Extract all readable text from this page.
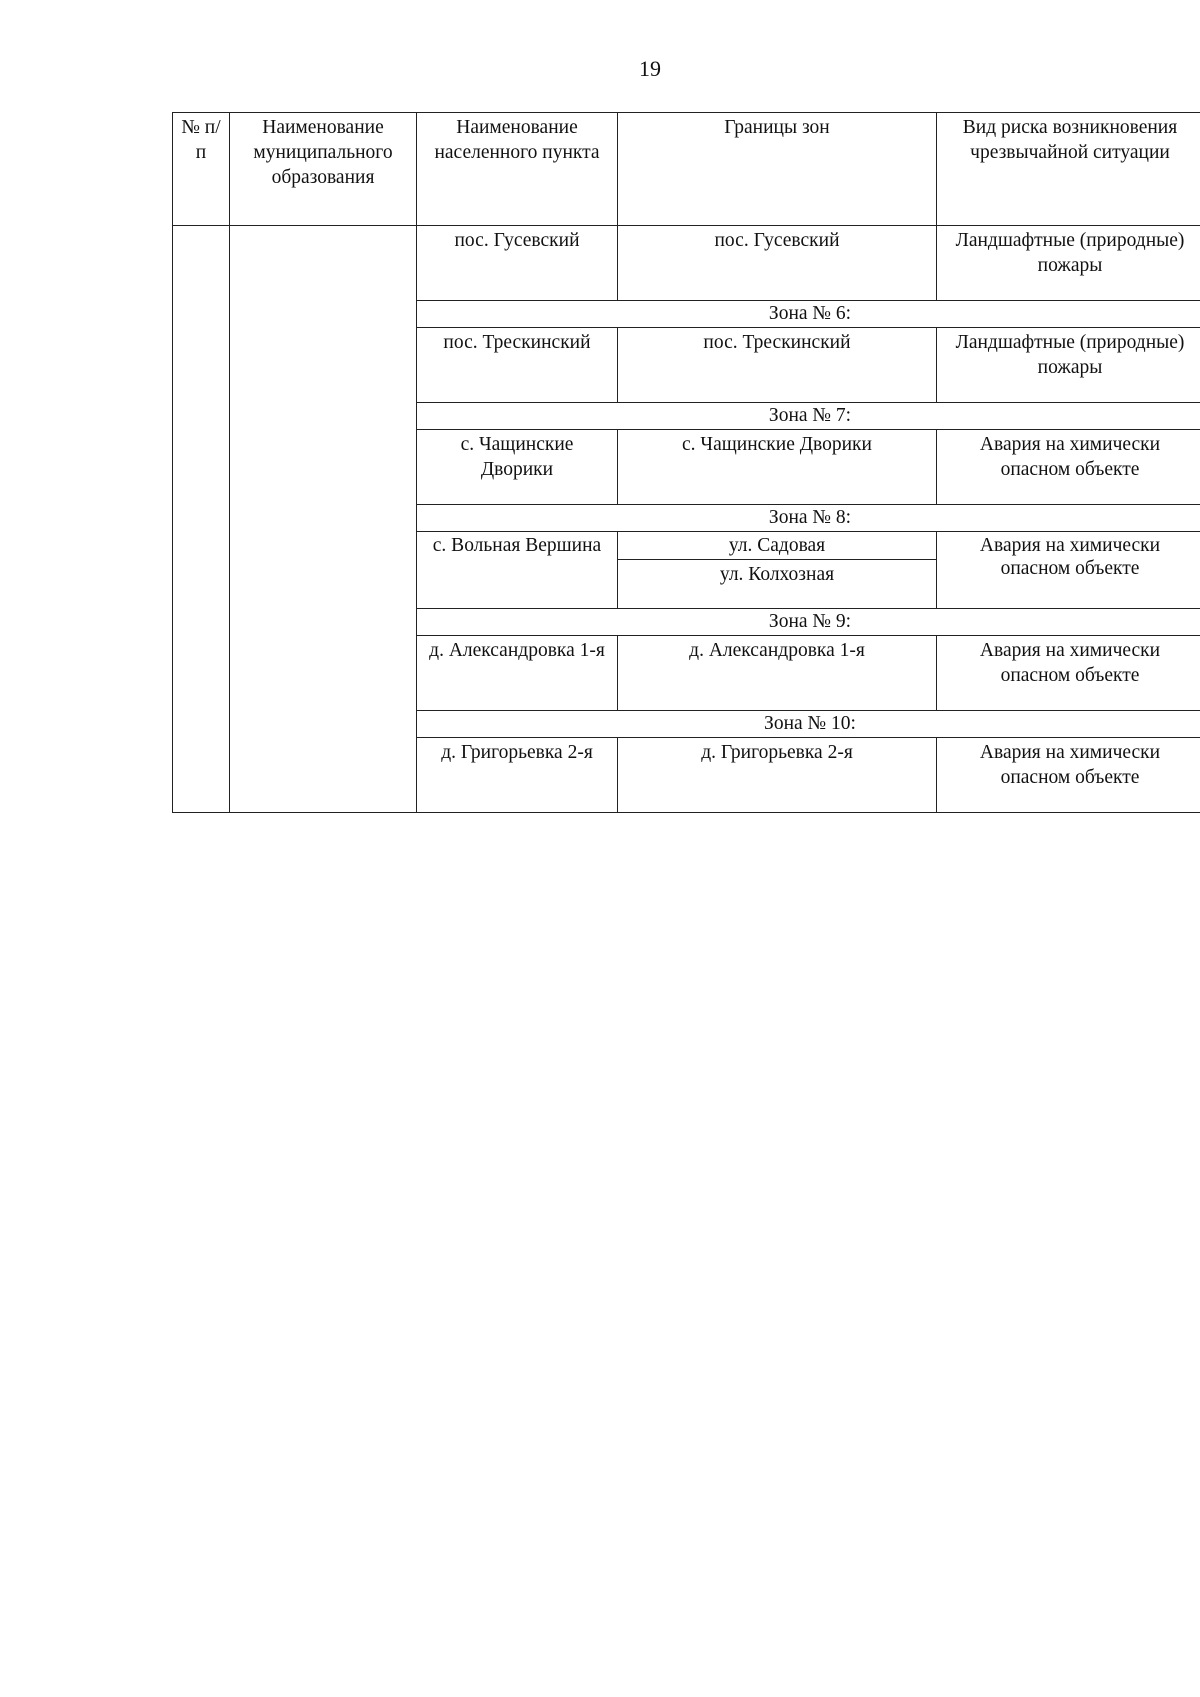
19
№ п/п	Наименование муниципального образования	Наименование населенного пункта	Границы зон	Вид риска возникновения чрезвычайной ситуации
		пос. Гусевский	пос. Гусевский	Ландшафтные (природные) пожары
		Зона № 6:		
		пос. Трескинский	пос. Трескинский	Ландшафтные (природные) пожары
		Зона № 7:		
		с. Чащинские Дворики	с. Чащинские Дворики	Авария на химически опасном объекте
		Зона № 8:		
		с. Вольная Вершина	ул. Садовая	Авария на химически опасном объекте
			ул. Колхозная	
		Зона № 9:		
		д. Александровка 1-я	д. Александровка 1-я	Авария на химически опасном объекте
		Зона № 10:		
		д. Григорьевка 2-я	д. Григорьевка 2-я	Авария на химически опасном объекте
